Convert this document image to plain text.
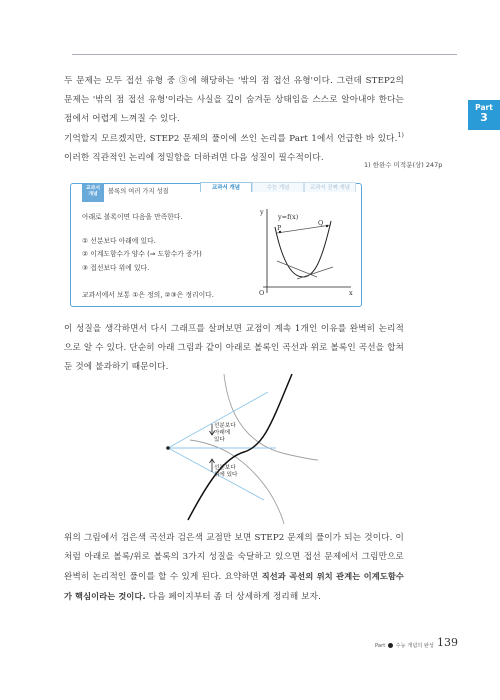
Part
3

두 문제는 모두 접선 유형 중 ③에 해당하는 '밖의 점 접선 유형'이다. 그런데 STEP2의 문제는 '밖의 점 접선 유형'이라는 사실을 깊이 숨겨둔 상태임을 스스로 알아내야 한다는 점에서 어렵게 느껴질 수 있다.

기억할지 모르겠지만, STEP2 문제의 풀이에 쓰인 논리를 Part 1에서 언급한 바 있다.$^{1)}$ 이러한 직관적인 논리에 정밀함을 더하려면 다음 성질이 필수적이다.

1) 한완수 미적분(상) 247p
교과서
개념	볼록의 여러 가지 성질	교과서 개념	수능 개념	교과서 진짜 개념
아래로 볼록이면 다음을 만족한다.
① 선분보다 아래에 있다.
② 이계도함수가 양수 (⇒ 도함수가 증가)
③ 접선보다 위에 있다.
교과서에서 보통 ①은 정의, ②③은 정리이다.
y
x
O
y=f(x)
P
Q

이 성질을 생각하면서 다시 그래프를 살펴보면 교점이 계속 1개인 이유를 완벽히 논리적으로 알 수 있다. 단순히 아래 그림과 같이 아래로 볼록인 곡선과 위로 볼록인 곡선을 합쳐둔 것에 불과하기 때문이다.

선분보다
아래에
있다
선분보다
위에 있다

위의 그림에서 검은색 곡선과 검은색 교점만 보면 STEP2 문제의 풀이가 되는 것이다. 이처럼 아래로 볼록/위로 볼록의 3가지 성질을 숙달하고 있으면 접선 문제에서 그림만으로 완벽히 논리적인 풀이를 할 수 있게 된다. 요약하면 직선과 곡선의 위치 관계는 이계도함수가 핵심이라는 것이다. 다음 페이지부터 좀 더 상세하게 정리해 보자.

Part 수능 개념의 완성 139
